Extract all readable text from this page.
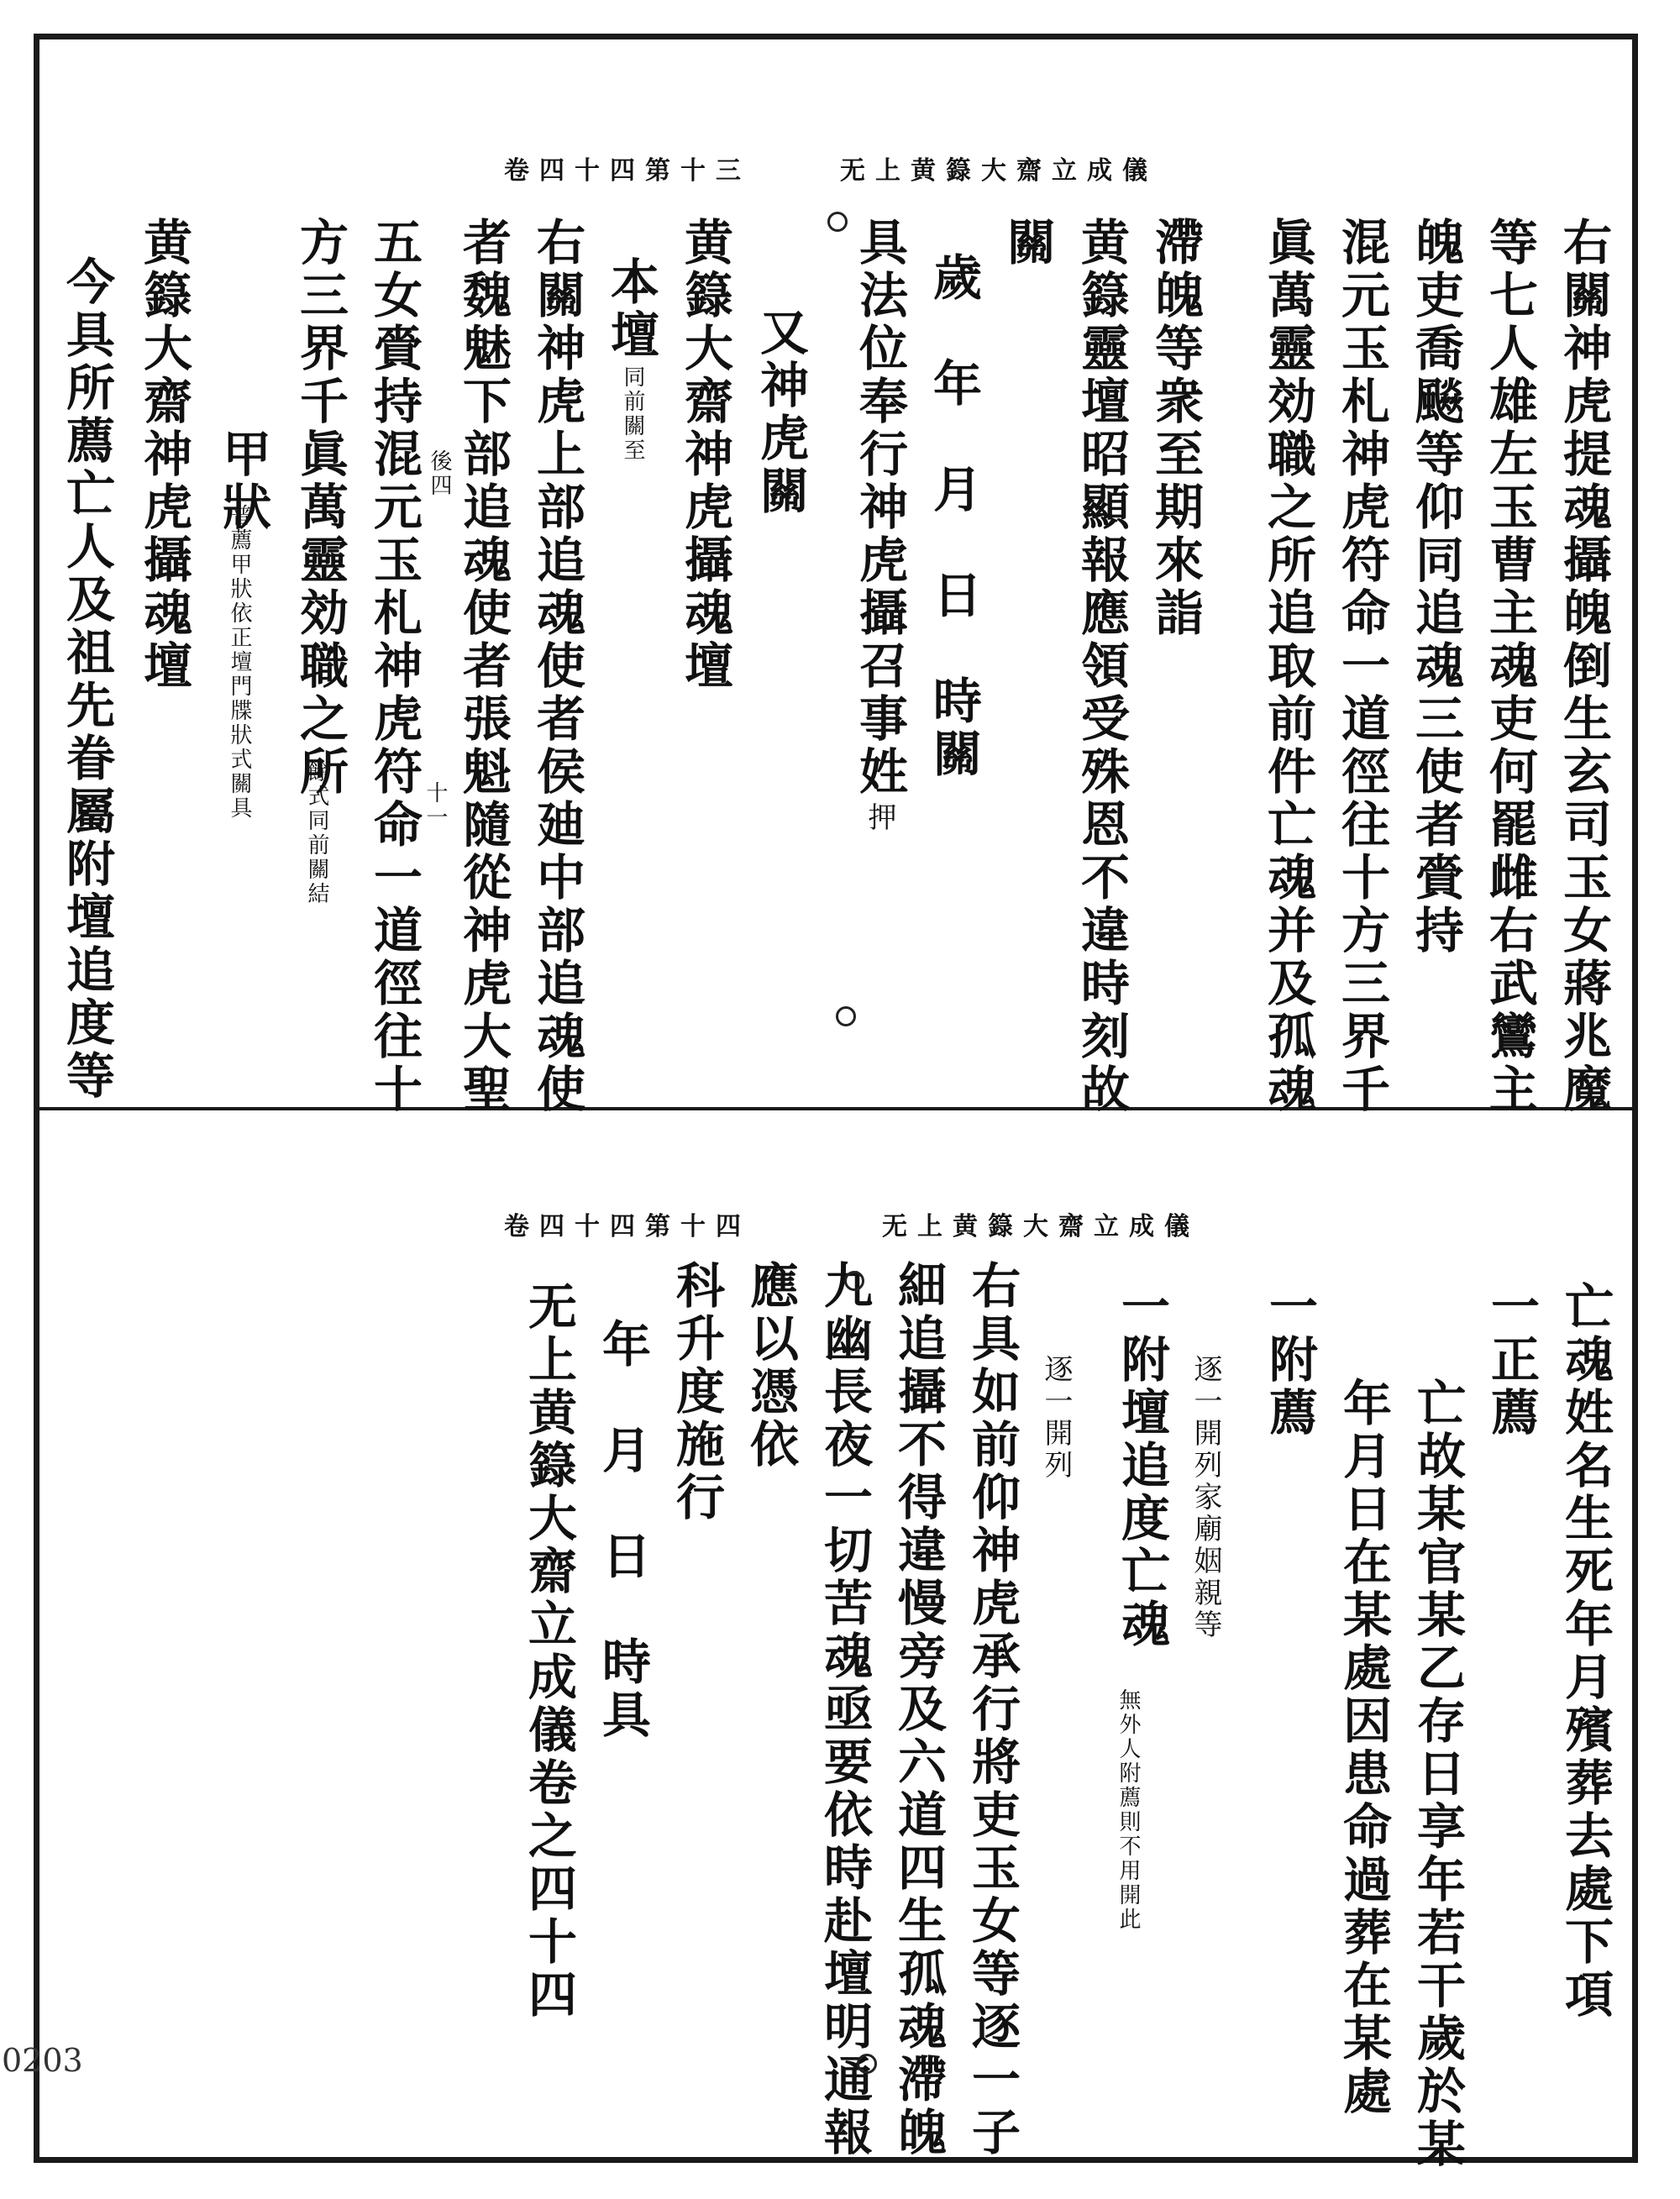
0203
无上黄籙大齋立成儀
卷四十四第十三
右關神虎提魂攝魄倒生玄司玉女蔣兆魔
等七人雄左玉曹主魂吏何罷雌右武鸞主
魄吏喬飈等仰同追魂三使者賫持
混元玉札神虎符命一道徑往十方三界千
眞萬靈効職之所追取前件亡魂并及孤魂
滯魄等衆至期來詣
黄籙靈壇昭顯報應領受殊恩不違時刻故
關
歲　年　月　日　時關
具法位奉行神虎攝召事姓
押
又神虎關
黄籙大齋神虎攝魂壇
本壇
同前關至
右關神虎上部追魂使者侯廸中部追魂使
者魏魅下部追魂使者張魁隨從神虎大聖
五女賫持混元玉札神虎符命一道徑往十
方三界千眞萬靈効職之所
餘式同前關結
甲狀
普薦甲狀依正壇門牒狀式關具
黄籙大齋神虎攝魂壇
今具所薦亡人及祖先眷屬附壇追度等	十一
後四
无上黄籙大齋立成儀
卷四十四第十四
亡魂姓名生死年月殯葬去處下項
一正薦
亡故某官某乙存日享年若干歲於某
年月日在某處因患命過葬在某處
一附薦
逐一開列家廟姻親等
一附壇追度亡魂
無外人附薦則不用開此
逐一開列
右具如前仰神虎承行將吏玉女等逐一子
細追攝不得違慢旁及六道四生孤魂滯魄
九幽長夜一切苦魂亟要依時赴壇明通報
應以憑依
科升度施行
年　月　日　時具
无上黄籙大齋立成儀卷之四十四
